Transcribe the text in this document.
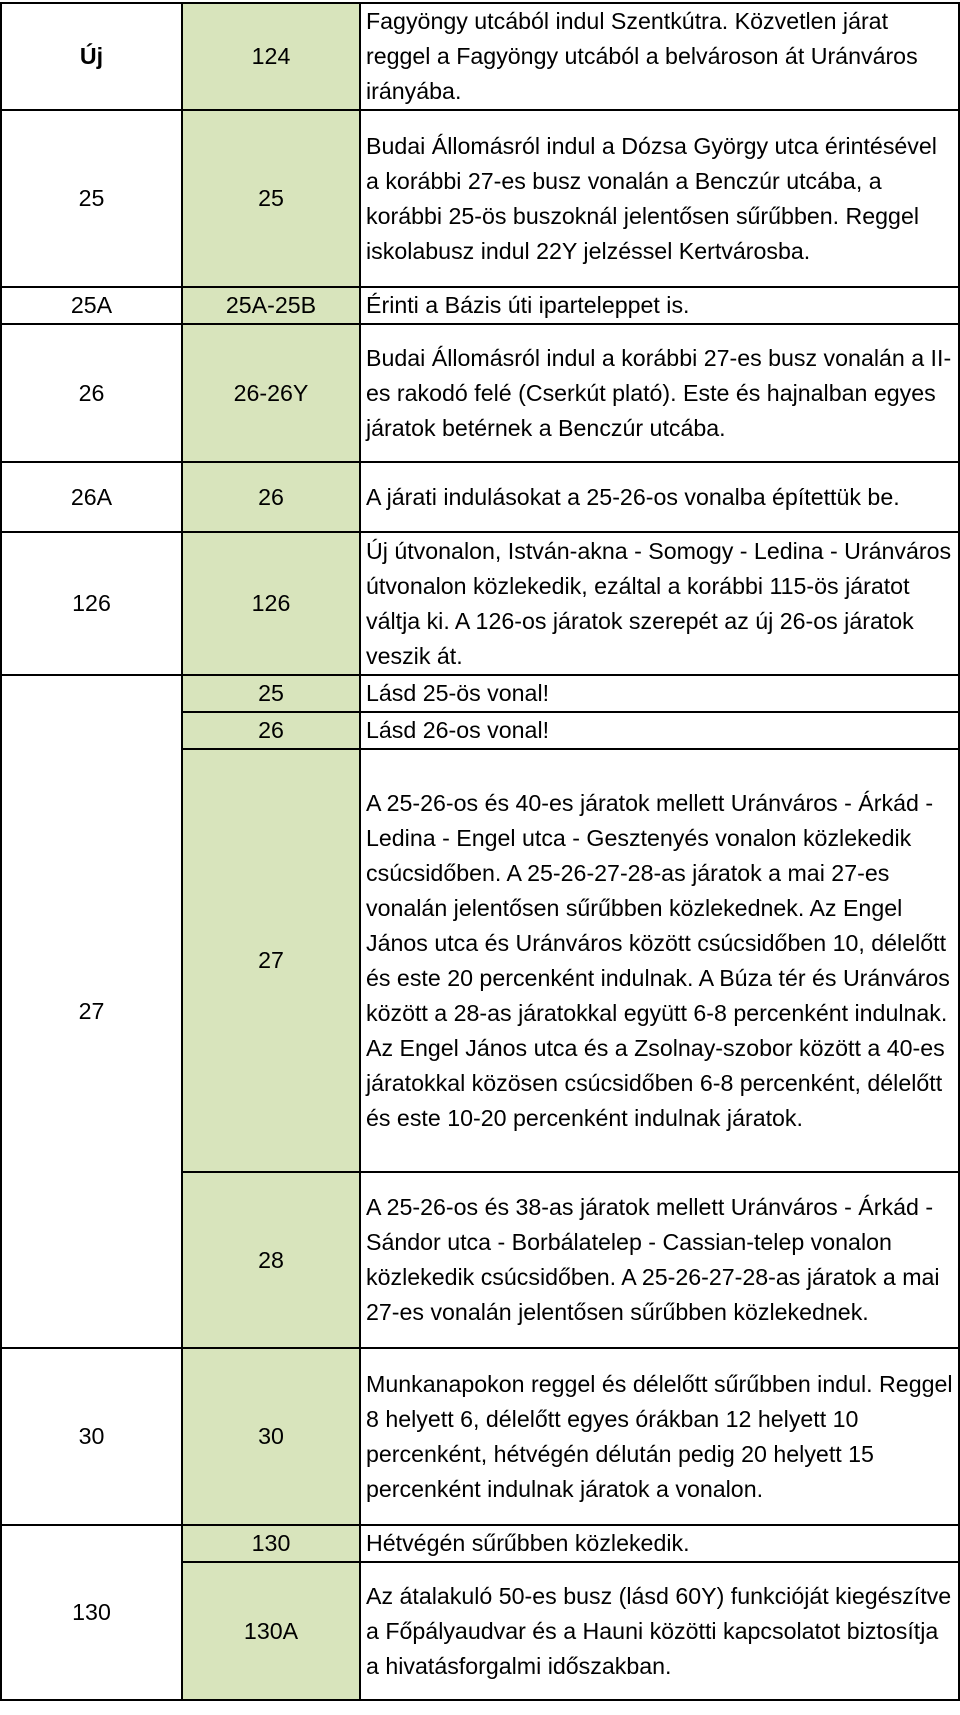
Új	124	Fagyöngy utcából indul Szentkútra. Közvetlen járat reggel a Fagyöngy utcából a belvároson át Uránváros irányába.
25	25	Budai Állomásról indul a Dózsa György utca érintésével a korábbi 27-es busz vonalán a Benczúr utcába, a korábbi 25-ös buszoknál jelentősen sűrűbben. Reggel iskolabusz indul 22Y jelzéssel Kertvárosba.
25A	25A-25B	Érinti a Bázis úti iparteleppet is.
26	26-26Y	Budai Állomásról indul a korábbi 27-es busz vonalán a II-es rakodó felé (Cserkút plató). Este és hajnalban egyes járatok betérnek a Benczúr utcába.
26A	26	A járati indulásokat a 25-26-os vonalba építettük be.
126	126	Új útvonalon, István-akna - Somogy - Ledina - Uránváros útvonalon közlekedik, ezáltal a korábbi 115-ös járatot váltja ki. A 126-os járatok szerepét az új 26-os járatok veszik át.
27	25	Lásd 25-ös vonal!
	26	Lásd 26-os vonal!
	27	A 25-26-os és 40-es járatok mellett Uránváros - Árkád - Ledina - Engel utca - Gesztenyés vonalon közlekedik csúcsidőben. A 25-26-27-28-as járatok a mai 27-es vonalán jelentősen sűrűbben közlekednek. Az Engel János utca és Uránváros között csúcsidőben 10, délelőtt és este 20 percenként indulnak. A Búza tér és Uránváros között a 28-as járatokkal együtt 6-8 percenként indulnak. Az Engel János utca és a Zsolnay-szobor között a 40-es járatokkal közösen csúcsidőben 6-8 percenként, délelőtt és este 10-20 percenként indulnak járatok.
	28	A 25-26-os és 38-as járatok mellett Uránváros - Árkád - Sándor utca - Borbálatelep - Cassian-telep vonalon közlekedik csúcsidőben. A 25-26-27-28-as járatok a mai 27-es vonalán jelentősen sűrűbben közlekednek.
30	30	Munkanapokon reggel és délelőtt sűrűbben indul. Reggel 8 helyett 6, délelőtt egyes órákban 12 helyett 10 percenként, hétvégén délután pedig 20 helyett 15 percenként indulnak járatok a vonalon.
130	130	Hétvégén sűrűbben közlekedik.
	130A	Az átalakuló 50-es busz (lásd 60Y) funkcióját kiegészítve a Főpályaudvar és a Hauni közötti kapcsolatot biztosítja a hivatásforgalmi időszakban.
